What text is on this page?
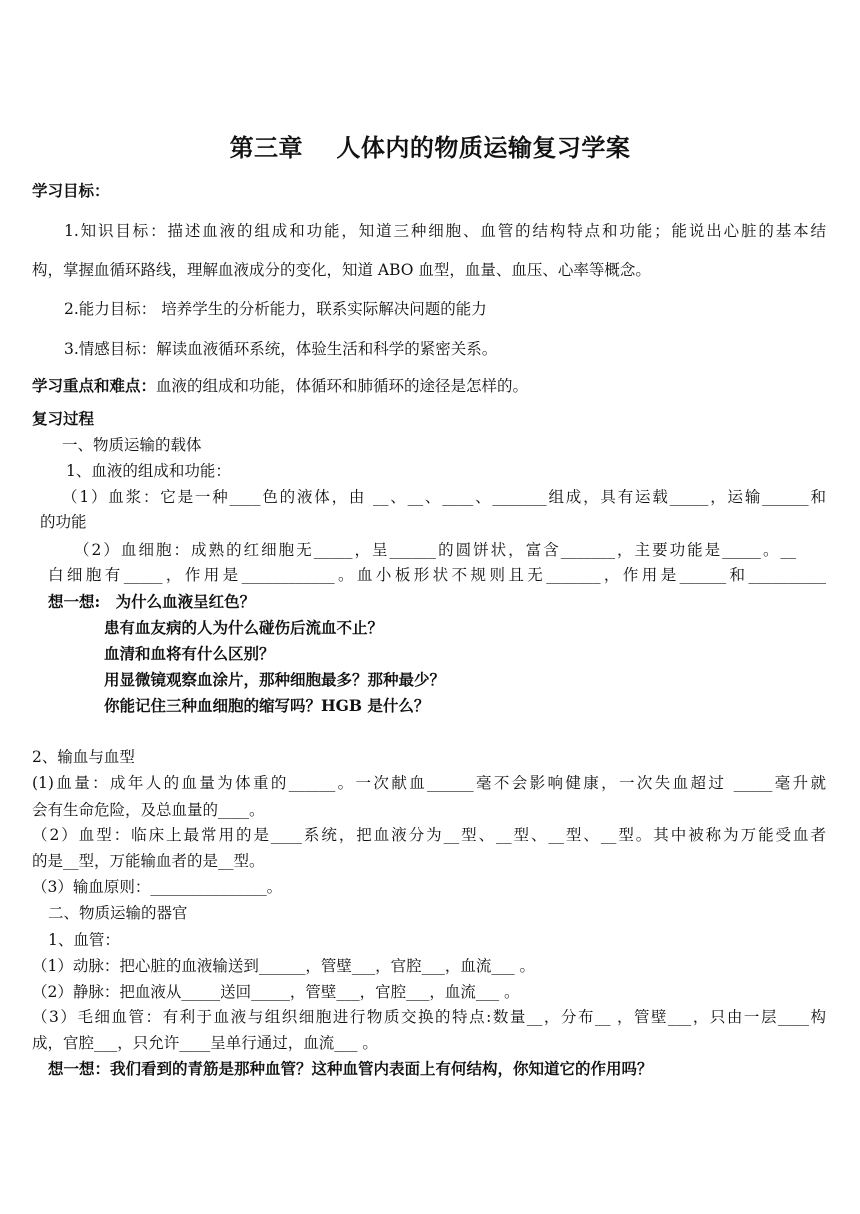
第三章  人体内的物质运输复习学案
学习目标：
1.知识目标：描述血液的组成和功能，知道三种细胞、血管的结构特点和功能；能说出心脏的基本结
构，掌握血循环路线，理解血液成分的变化，知道 ABO 血型，血量、血压、心率等概念。
2.能力目标： 培养学生的分析能力，联系实际解决问题的能力
3.情感目标：解读血液循环系统，体验生活和科学的紧密关系。
学习重点和难点：血液的组成和功能，体循环和肺循环的途径是怎样的。
复习过程
一、物质运输的载体
1、血液的组成和功能：
（1）血浆：它是一种____色的液体，由 __、__、____、_______组成，具有运载_____，运输______和
的功能
（2）血细胞：成熟的红细胞无_____，呈______的圆饼状，富含_______，主要功能是_____。__
白细胞有_____，作用是____________。血小板形状不规则且无_______，作用是______和__________
想一想: 为什么血液呈红色？
患有血友病的人为什么碰伤后流血不止？
血清和血将有什么区别？
用显微镜观察血涂片，那种细胞最多？那种最少？
你能记住三种血细胞的缩写吗？HGB 是什么？
2、输血与血型
(1)血量：成年人的血量为体重的______。一次献血______毫不会影响健康，一次失血超过 _____毫升就
会有生命危险，及总血量的____。
（2）血型：临床上最常用的是____系统，把血液分为__型、__型、__型、__型。其中被称为万能受血者
的是__型，万能输血者的是__型。
（3）输血原则：_______________。
二、物质运输的器官
1、血管：
（1）动脉：把心脏的血液输送到______，管壁___，官腔___，血流___ 。
（2）静脉：把血液从_____送回_____，管壁___，官腔___，血流___ 。
（3）毛细血管：有利于血液与组织细胞进行物质交换的特点:数量__，分布__ ，管壁___，只由一层____构
成，官腔___，只允许____呈单行通过，血流___ 。
想一想：我们看到的青筋是那种血管？这种血管内表面上有何结构，你知道它的作用吗？
